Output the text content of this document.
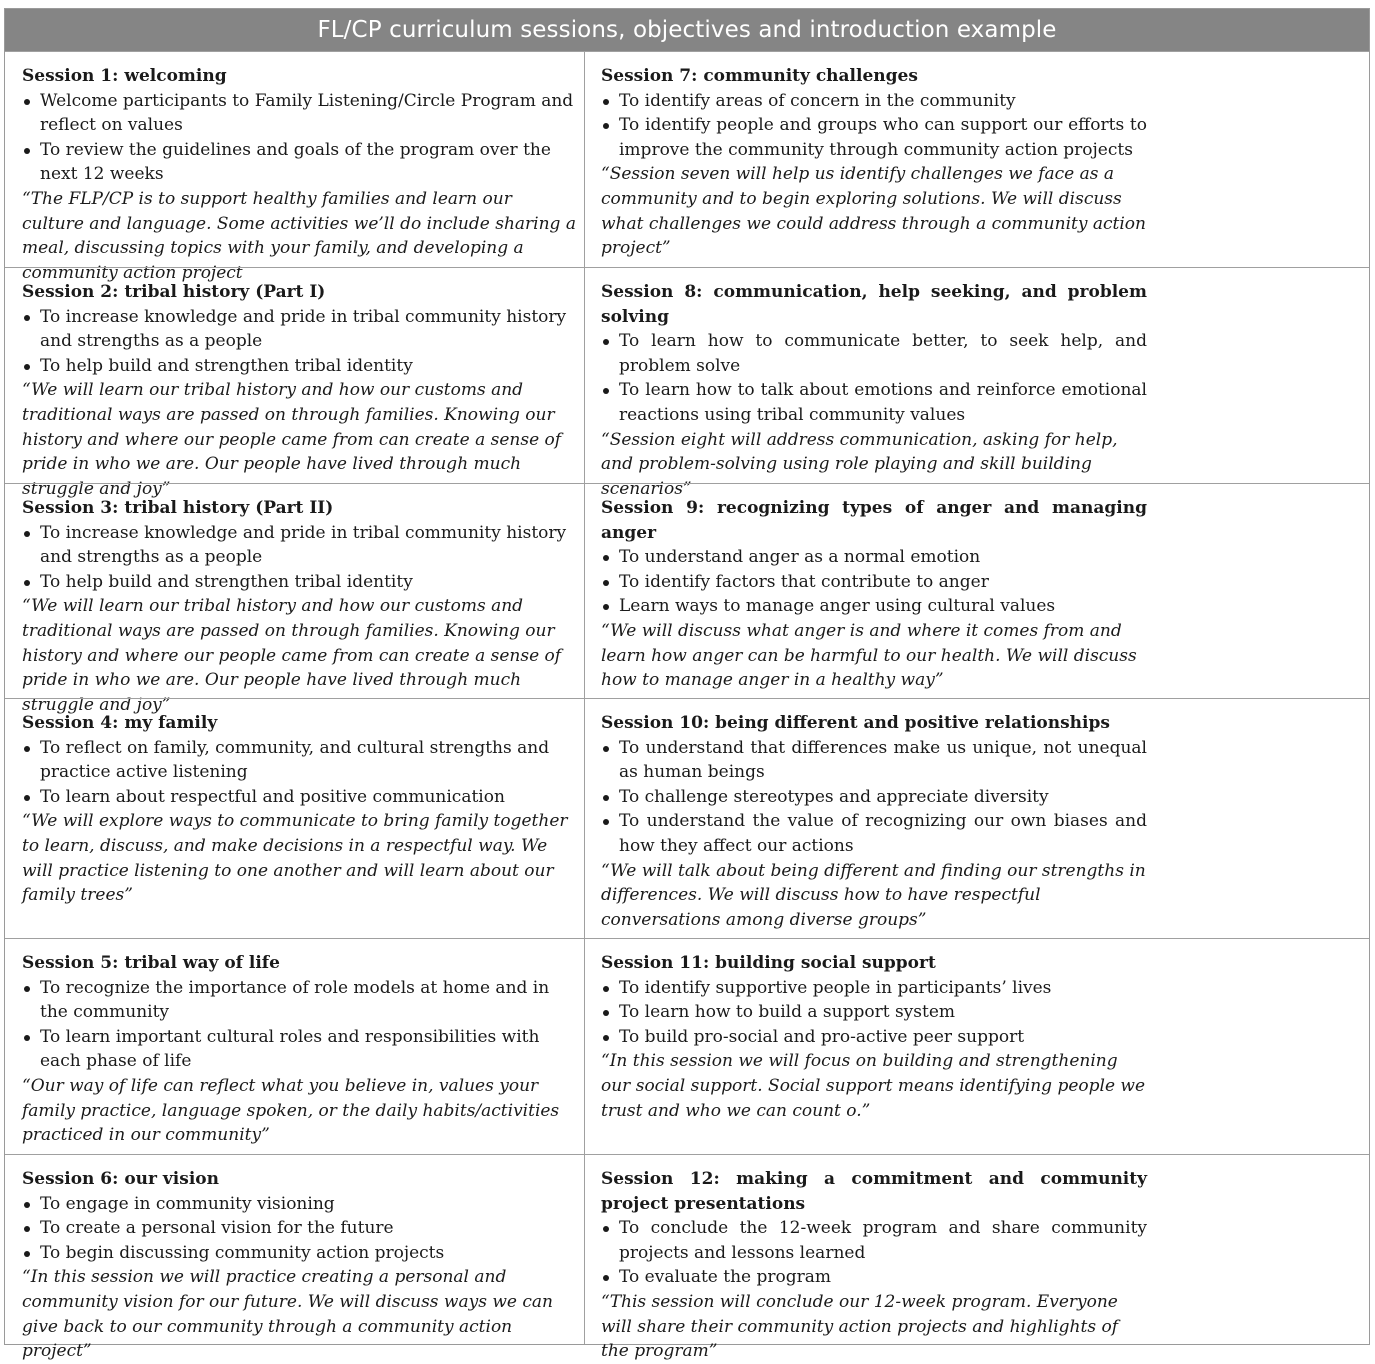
FL/CP curriculum sessions, objectives and introduction example
Session 1: welcoming
Welcome participants to Family Listening/Circle Program and reflect on values
To review the guidelines and goals of the program over the next 12 weeks
“The FLP/CP is to support healthy families and learn our culture and language. Some activities we’ll do include sharing a meal, discussing topics with your family, and developing a community action project
Session 7: community challenges
To identify areas of concern in the community
To identify people and groups who can support our efforts to improve the community through community action projects
“Session seven will help us identify challenges we face as a community and to begin exploring solutions. We will discuss what challenges we could address through a community action project”
Session 2: tribal history (Part I)
To increase knowledge and pride in tribal community history and strengths as a people
To help build and strengthen tribal identity
“We will learn our tribal history and how our customs and traditional ways are passed on through families. Knowing our history and where our people came from can create a sense of pride in who we are. Our people have lived through much struggle and joy”
Session 8: communication, help seeking, and problem solving
To learn how to communicate better, to seek help, and problem solve
To learn how to talk about emotions and reinforce emotional reactions using tribal community values
“Session eight will address communication, asking for help, and problem-solving using role playing and skill building scenarios”
Session 3: tribal history (Part II)
To increase knowledge and pride in tribal community history and strengths as a people
To help build and strengthen tribal identity
“We will learn our tribal history and how our customs and traditional ways are passed on through families. Knowing our history and where our people came from can create a sense of pride in who we are. Our people have lived through much struggle and joy”
Session 9: recognizing types of anger and managing anger
To understand anger as a normal emotion
To identify factors that contribute to anger
Learn ways to manage anger using cultural values
“We will discuss what anger is and where it comes from and learn how anger can be harmful to our health. We will discuss how to manage anger in a healthy way”
Session 4: my family
To reflect on family, community, and cultural strengths and practice active listening
To learn about respectful and positive communication
“We will explore ways to communicate to bring family together to learn, discuss, and make decisions in a respectful way. We will practice listening to one another and will learn about our family trees”
Session 10: being different and positive relationships
To understand that differences make us unique, not unequal as human beings
To challenge stereotypes and appreciate diversity
To understand the value of recognizing our own biases and how they affect our actions
“We will talk about being different and finding our strengths in differences. We will discuss how to have respectful conversations among diverse groups”
Session 5: tribal way of life
To recognize the importance of role models at home and in the community
To learn important cultural roles and responsibilities with each phase of life
“Our way of life can reflect what you believe in, values your family practice, language spoken, or the daily habits/activities practiced in our community”
Session 11: building social support
To identify supportive people in participants’ lives
To learn how to build a support system
To build pro-social and pro-active peer support
“In this session we will focus on building and strengthening our social support. Social support means identifying people we trust and who we can count o.”
Session 6: our vision
To engage in community visioning
To create a personal vision for the future
To begin discussing community action projects
“In this session we will practice creating a personal and community vision for our future. We will discuss ways we can give back to our community through a community action project”
Session 12: making a commitment and community project presentations
To conclude the 12-week program and share community projects and lessons learned
To evaluate the program
“This session will conclude our 12-week program. Everyone will share their community action projects and highlights of the program”
